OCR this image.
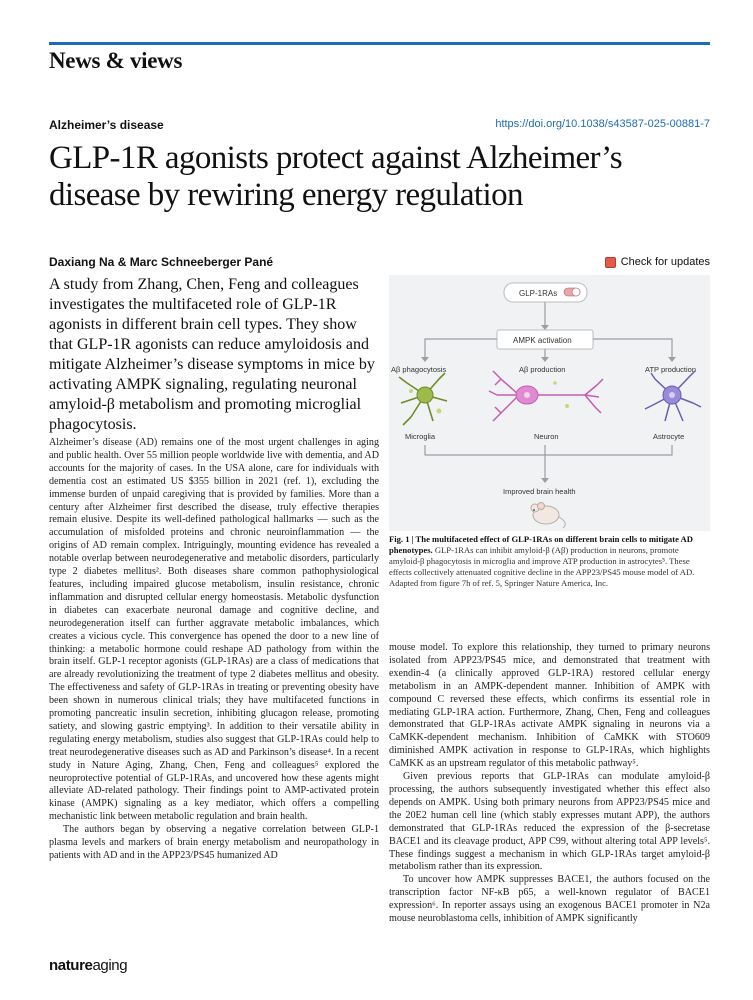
News & views
Alzheimer’s disease	https://doi.org/10.1038/s43587-025-00881-7
GLP-1R agonists protect against Alzheimer’s disease by rewiring energy regulation
Daxiang Na & Marc Schneeberger Pané	Check for updates
A study from Zhang, Chen, Feng and colleagues investigates the multifaceted role of GLP-1R agonists in different brain cell types. They show that GLP-1R agonists can reduce amyloidosis and mitigate Alzheimer’s disease symptoms in mice by activating AMPK signaling, regulating neuronal amyloid-β metabolism and promoting microglial phagocytosis.

Alzheimer’s disease (AD) remains one of the most urgent challenges in aging and public health. Over 55 million people worldwide live with dementia, and AD accounts for the majority of cases. In the USA alone, care for individuals with dementia cost an estimated US $355 billion in 2021 (ref. 1), excluding the immense burden of unpaid caregiving that is provided by families. More than a century after Alzheimer first described the disease, truly effective therapies remain elusive. Despite its well-defined pathological hallmarks — such as the accumulation of misfolded proteins and chronic neuroinflammation — the origins of AD remain complex. Intriguingly, mounting evidence has revealed a notable overlap between neurodegenerative and metabolic disorders, particularly type 2 diabetes mellitus². Both diseases share common pathophysiological features, including impaired glucose metabolism, insulin resistance, chronic inflammation and disrupted cellular energy homeostasis. Metabolic dysfunction in diabetes can exacerbate neuronal damage and cognitive decline, and neurodegeneration itself can further aggravate metabolic imbalances, which creates a vicious cycle. This convergence has opened the door to a new line of thinking: a metabolic hormone could reshape AD pathology from within the brain itself. GLP-1 receptor agonists (GLP-1RAs) are a class of medications that are already revolutionizing the treatment of type 2 diabetes mellitus and obesity. The effectiveness and safety of GLP-1RAs in treating or preventing obesity have been shown in numerous clinical trials; they have multifaceted functions in promoting pancreatic insulin secretion, inhibiting glucagon release, promoting satiety, and slowing gastric emptying³. In addition to their versatile ability in regulating energy metabolism, studies also suggest that GLP-1RAs could help to treat neurodegenerative diseases such as AD and Parkinson’s disease⁴. In a recent study in Nature Aging, Zhang, Chen, Feng and colleagues⁵ explored the neuroprotective potential of GLP-1RAs, and uncovered how these agents might alleviate AD-related pathology. Their findings point to AMP-activated protein kinase (AMPK) signaling as a key mediator, which offers a compelling mechanistic link between metabolic regulation and brain health.

The authors began by observing a negative correlation between GLP-1 plasma levels and markers of brain energy metabolism and neuropathology in patients with AD and in the APP23/PS45 humanized AD

GLP-1RAs
AMPK activation
Aβ phagocytosis	Aβ production	ATP production
Microglia	Neuron	Astrocyte
Improved brain health
Fig. 1 | The multifaceted effect of GLP-1RAs on different brain cells to mitigate AD phenotypes. GLP-1RAs can inhibit amyloid-β (Aβ) production in neurons, promote amyloid-β phagocytosis in microglia and improve ATP production in astrocytes⁵. These effects collectively attenuated cognitive decline in the APP23/PS45 mouse model of AD. Adapted from figure 7h of ref. 5, Springer Nature America, Inc.

mouse model. To explore this relationship, they turned to primary neurons isolated from APP23/PS45 mice, and demonstrated that treatment with exendin-4 (a clinically approved GLP-1RA) restored cellular energy metabolism in an AMPK-dependent manner. Inhibition of AMPK with compound C reversed these effects, which confirms its essential role in mediating GLP-1RA action. Furthermore, Zhang, Chen, Feng and colleagues demonstrated that GLP-1RAs activate AMPK signaling in neurons via a CaMKK-dependent mechanism. Inhibition of CaMKK with STO609 diminished AMPK activation in response to GLP-1RAs, which highlights CaMKK as an upstream regulator of this metabolic pathway⁵.

Given previous reports that GLP-1RAs can modulate amyloid-β processing, the authors subsequently investigated whether this effect also depends on AMPK. Using both primary neurons from APP23/PS45 mice and the 20E2 human cell line (which stably expresses mutant APP), the authors demonstrated that GLP-1RAs reduced the expression of the β-secretase BACE1 and its cleavage product, APP C99, without altering total APP levels⁵. These findings suggest a mechanism in which GLP-1RAs target amyloid-β metabolism rather than its expression.

To uncover how AMPK suppresses BACE1, the authors focused on the transcription factor NF-κB p65, a well-known regulator of BACE1 expression⁶. In reporter assays using an exogenous BACE1 promoter in N2a mouse neuroblastoma cells, inhibition of AMPK significantly

natureaging
